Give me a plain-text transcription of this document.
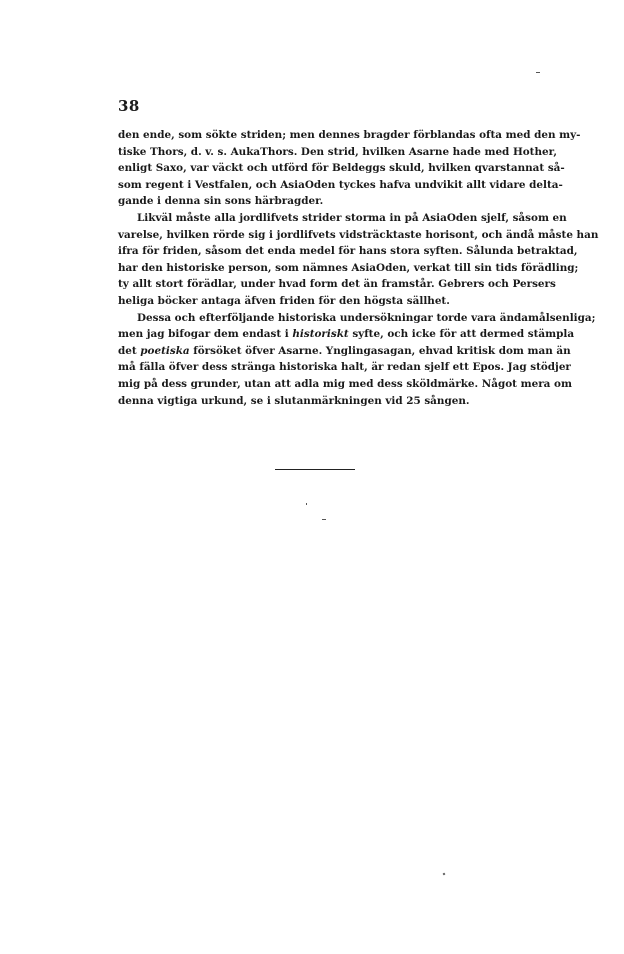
38
den ende, som sökte striden; men dennes bragder förblandas ofta med den my-
tiske Thors, d. v. s. AukaThors. Den strid, hvilken Asarne hade med Hother,
enligt Saxo, var väckt och utförd för Beldeggs skuld, hvilken qvarstannat så-
som regent i Vestfalen, och AsiaOden tyckes hafva undvikit allt vidare delta-
gande i denna sin sons härbragder.
Likväl måste alla jordlifvets strider storma in på AsiaOden sjelf, såsom en
varelse, hvilken rörde sig i jordlifvets vidsträcktaste horisont, och ändå måste han
ifra för friden, såsom det enda medel för hans stora syften. Sålunda betraktad,
har den historiske person, som nämnes AsiaOden, verkat till sin tids förädling;
ty allt stort förädlar, under hvad form det än framstår. Gebrers och Persers
heliga böcker antaga äfven friden för den högsta sällhet.
Dessa och efterföljande historiska undersökningar torde vara ändamålsenliga;
men jag bifogar dem endast i historiskt syfte, och icke för att dermed stämpla
det poetiska försöket öfver Asarne. Ynglingasagan, ehvad kritisk dom man än
må fälla öfver dess stränga historiska halt, är redan sjelf ett Epos. Jag stödjer
mig på dess grunder, utan att adla mig med dess sköldmärke. Något mera om
denna vigtiga urkund, se i slutanmärkningen vid 25 sången.
